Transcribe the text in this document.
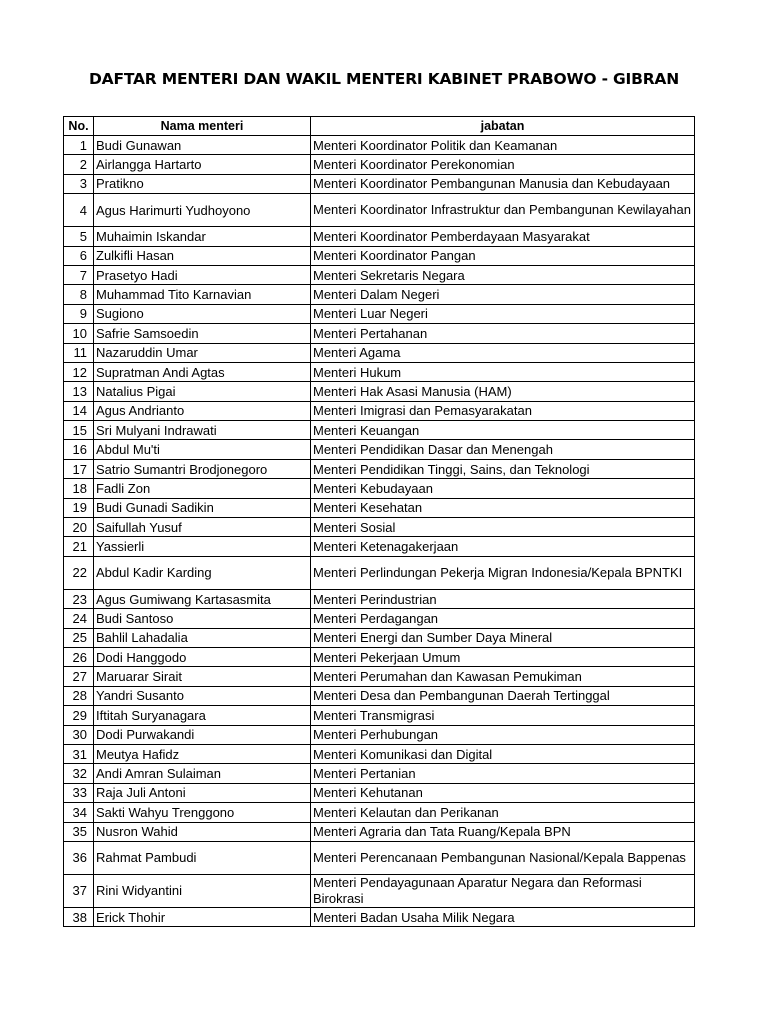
DAFTAR MENTERI DAN WAKIL MENTERI KABINET PRABOWO - GIBRAN
No.	Nama menteri	jabatan
1	Budi Gunawan	Menteri Koordinator Politik dan Keamanan
2	Airlangga Hartarto	Menteri Koordinator Perekonomian
3	Pratikno	Menteri Koordinator Pembangunan Manusia dan Kebudayaan
4	Agus Harimurti Yudhoyono	Menteri Koordinator Infrastruktur dan Pembangunan Kewilayahan
5	Muhaimin Iskandar	Menteri Koordinator Pemberdayaan Masyarakat
6	Zulkifli Hasan	Menteri Koordinator Pangan
7	Prasetyo Hadi	Menteri Sekretaris Negara
8	Muhammad Tito Karnavian	Menteri Dalam Negeri
9	Sugiono	Menteri Luar Negeri
10	Safrie Samsoedin	Menteri Pertahanan
11	Nazaruddin Umar	Menteri Agama
12	Supratman Andi Agtas	Menteri Hukum
13	Natalius Pigai	Menteri Hak Asasi Manusia (HAM)
14	Agus Andrianto	Menteri Imigrasi dan Pemasyarakatan
15	Sri Mulyani Indrawati	Menteri Keuangan
16	Abdul Mu'ti	Menteri Pendidikan Dasar dan Menengah
17	Satrio Sumantri Brodjonegoro	Menteri Pendidikan Tinggi, Sains, dan Teknologi
18	Fadli Zon	Menteri Kebudayaan
19	Budi Gunadi Sadikin	Menteri Kesehatan
20	Saifullah Yusuf	Menteri Sosial
21	Yassierli	Menteri Ketenagakerjaan
22	Abdul Kadir Karding	Menteri Perlindungan Pekerja Migran Indonesia/Kepala BPNTKI
23	Agus Gumiwang Kartasasmita	Menteri Perindustrian
24	Budi Santoso	Menteri Perdagangan
25	Bahlil Lahadalia	Menteri Energi dan Sumber Daya Mineral
26	Dodi Hanggodo	Menteri Pekerjaan Umum
27	Maruarar Sirait	Menteri Perumahan dan Kawasan Pemukiman
28	Yandri Susanto	Menteri Desa dan Pembangunan Daerah Tertinggal
29	Iftitah Suryanagara	Menteri Transmigrasi
30	Dodi Purwakandi	Menteri Perhubungan
31	Meutya Hafidz	Menteri Komunikasi dan Digital
32	Andi Amran Sulaiman	Menteri Pertanian
33	Raja Juli Antoni	Menteri Kehutanan
34	Sakti Wahyu Trenggono	Menteri Kelautan dan Perikanan
35	Nusron Wahid	Menteri Agraria dan Tata Ruang/Kepala BPN
36	Rahmat Pambudi	Menteri Perencanaan Pembangunan Nasional/Kepala Bappenas
37	Rini Widyantini	Menteri Pendayagunaan Aparatur Negara dan Reformasi Birokrasi
38	Erick Thohir	Menteri Badan Usaha Milik Negara
